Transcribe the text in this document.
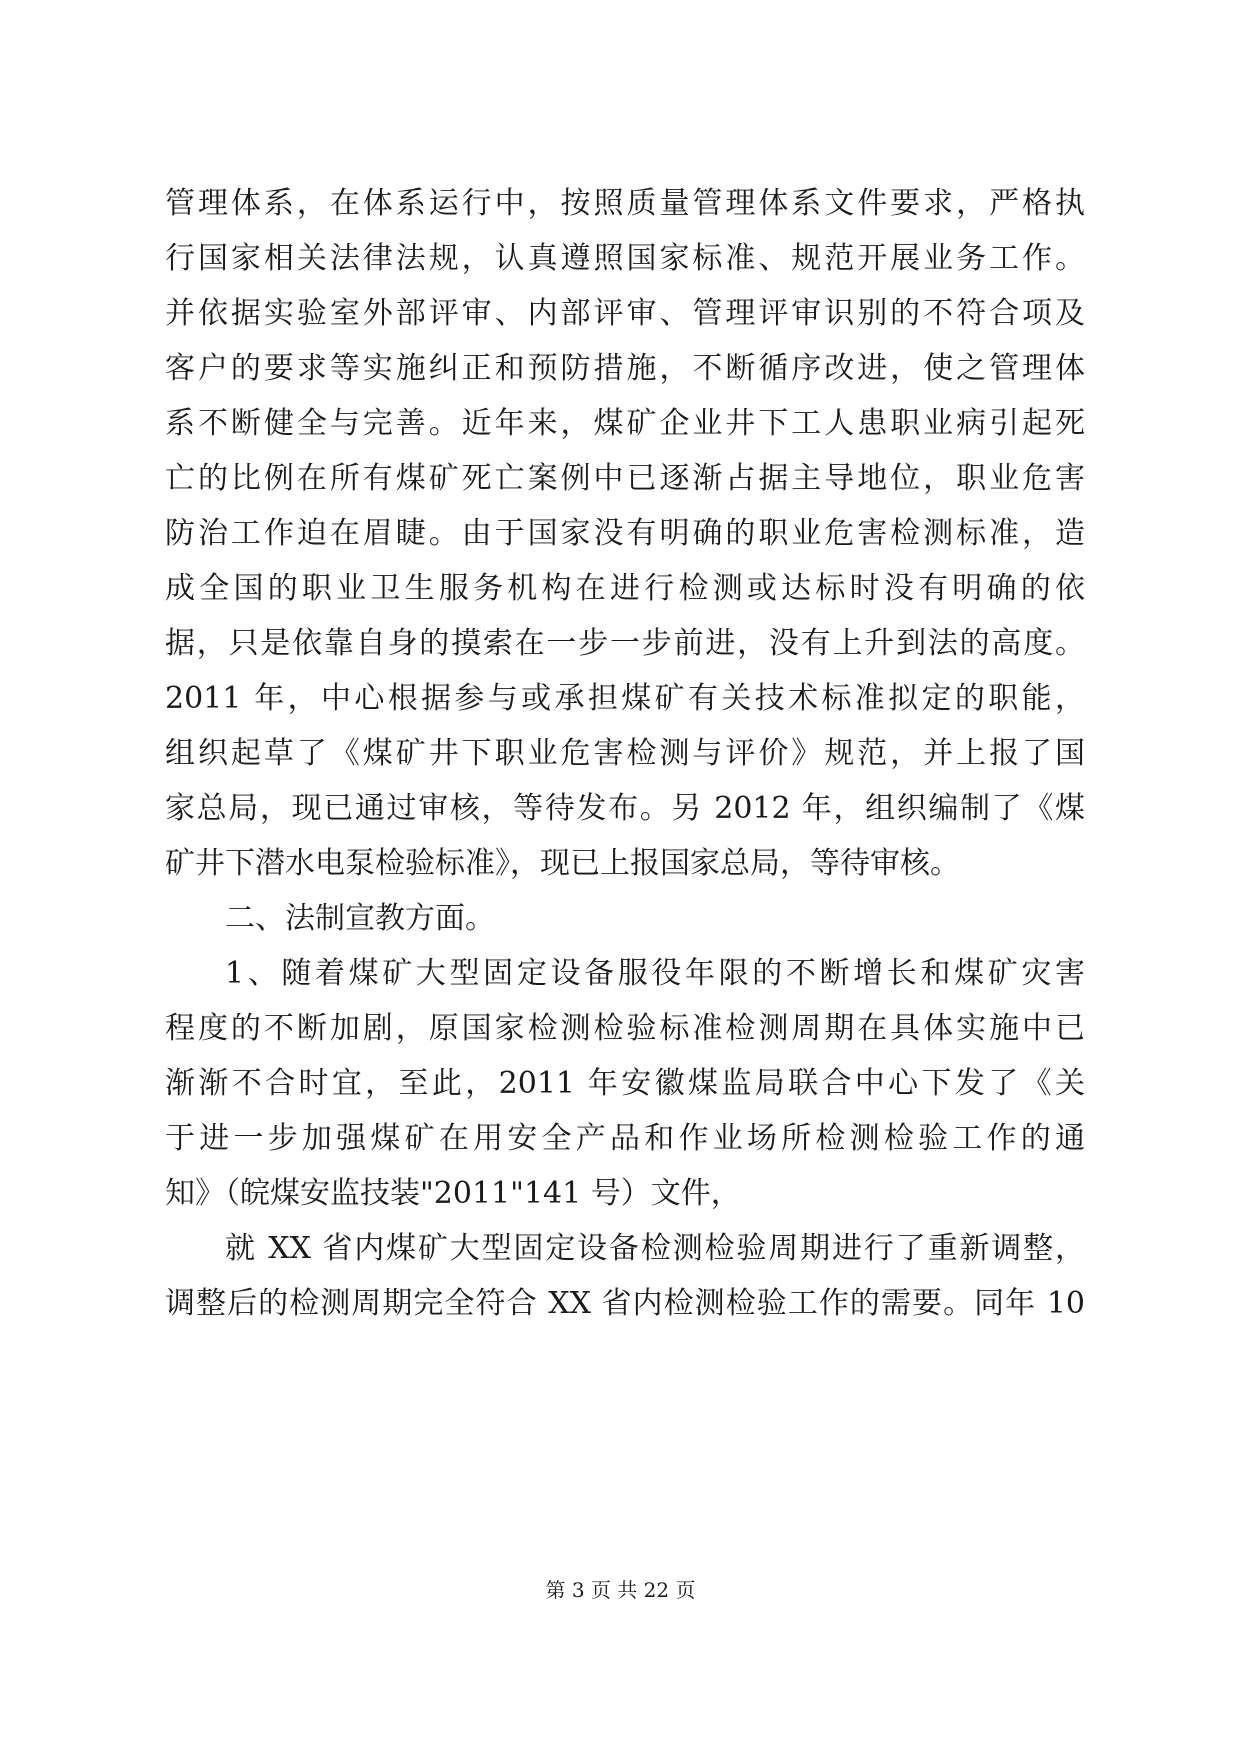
管理体系，在体系运行中，按照质量管理体系文件要求，严格执
行国家相关法律法规，认真遵照国家标准、规范开展业务工作。
并依据实验室外部评审、内部评审、管理评审识别的不符合项及
客户的要求等实施纠正和预防措施，不断循序改进，使之管理体
系不断健全与完善。近年来，煤矿企业井下工人患职业病引起死
亡的比例在所有煤矿死亡案例中已逐渐占据主导地位，职业危害
防治工作迫在眉睫。由于国家没有明确的职业危害检测标准，造
成全国的职业卫生服务机构在进行检测或达标时没有明确的依
据，只是依靠自身的摸索在一步一步前进，没有上升到法的高度。
2011 年，中心根据参与或承担煤矿有关技术标准拟定的职能，
组织起草了《煤矿井下职业危害检测与评价》规范，并上报了国
家总局，现已通过审核，等待发布。另 2012 年，组织编制了《煤
矿井下潜水电泵检验标准》，现已上报国家总局，等待审核。
二、法制宣教方面。
1、随着煤矿大型固定设备服役年限的不断增长和煤矿灾害
程度的不断加剧，原国家检测检验标准检测周期在具体实施中已
渐渐不合时宜，至此，2011 年安徽煤监局联合中心下发了《关
于进一步加强煤矿在用安全产品和作业场所检测检验工作的通
知》（皖煤安监技装"2011"141 号）文件，
就 XX 省内煤矿大型固定设备检测检验周期进行了重新调整，
调整后的检测周期完全符合 XX 省内检测检验工作的需要。同年 10
第 3 页 共 22 页
